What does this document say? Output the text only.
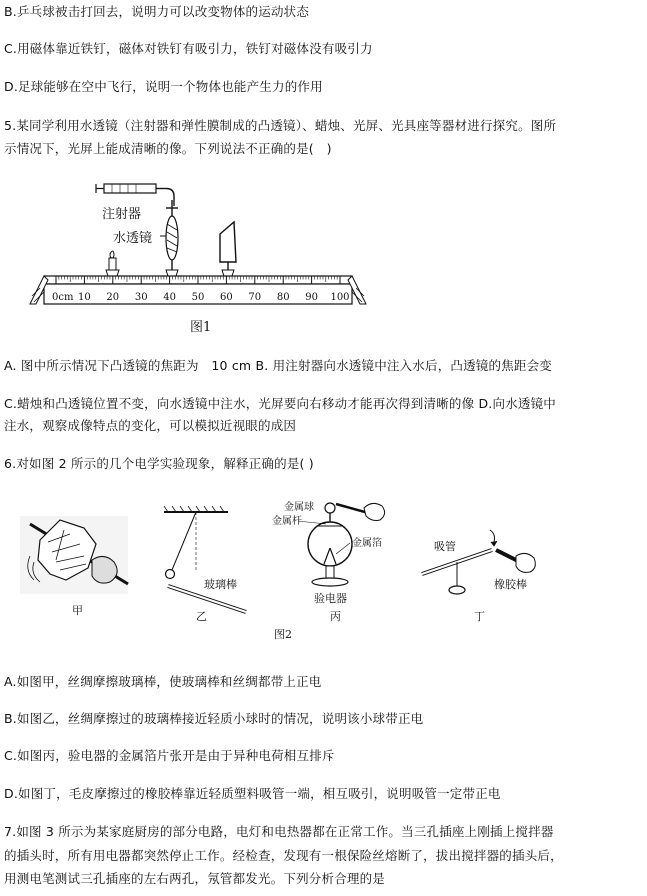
B.乒乓球被击打回去，说明力可以改变物体的运动状态
C.用磁体靠近铁钉，磁体对铁钉有吸引力，铁钉对磁体没有吸引力
D.足球能够在空中飞行，说明一个物体也能产生力的作用
5.某同学利用水透镜（注射器和弹性膜制成的凸透镜）、蜡烛、光屏、光具座等器材进行探究。图所
示情况下，光屏上能成清晰的像。下列说法不正确的是(　)
注射器
水透镜
0cm 10 20 30 40 50 60 70 80 90 100
图1
A. 图中所示情况下凸透镜的焦距为　10 cm B. 用注射器向水透镜中注入水后，凸透镜的焦距会变
C.蜡烛和凸透镜位置不变，向水透镜中注水，光屏要向右移动才能再次得到清晰的像 D.向水透镜中
注水，观察成像特点的变化，可以模拟近视眼的成因
6.对如图 2 所示的几个电学实验现象，解释正确的是( )
玻璃棒
金属球
金属杆
金属箔
验电器
吸管
橡胶棒
甲	乙	丙	丁
图2
A.如图甲，丝绸摩擦玻璃棒，使玻璃棒和丝绸都带上正电
B.如图乙，丝绸摩擦过的玻璃棒接近轻质小球时的情况，说明该小球带正电
C.如图丙，验电器的金属箔片张开是由于异种电荷相互排斥
D.如图丁，毛皮摩擦过的橡胶棒靠近轻质塑料吸管一端，相互吸引，说明吸管一定带正电
7.如图 3 所示为某家庭厨房的部分电路，电灯和电热器都在正常工作。当三孔插座上刚插上搅拌器
的插头时，所有用电器都突然停止工作。经检查，发现有一根保险丝熔断了，拔出搅拌器的插头后，
用测电笔测试三孔插座的左右两孔，氖管都发光。下列分析合理的是
